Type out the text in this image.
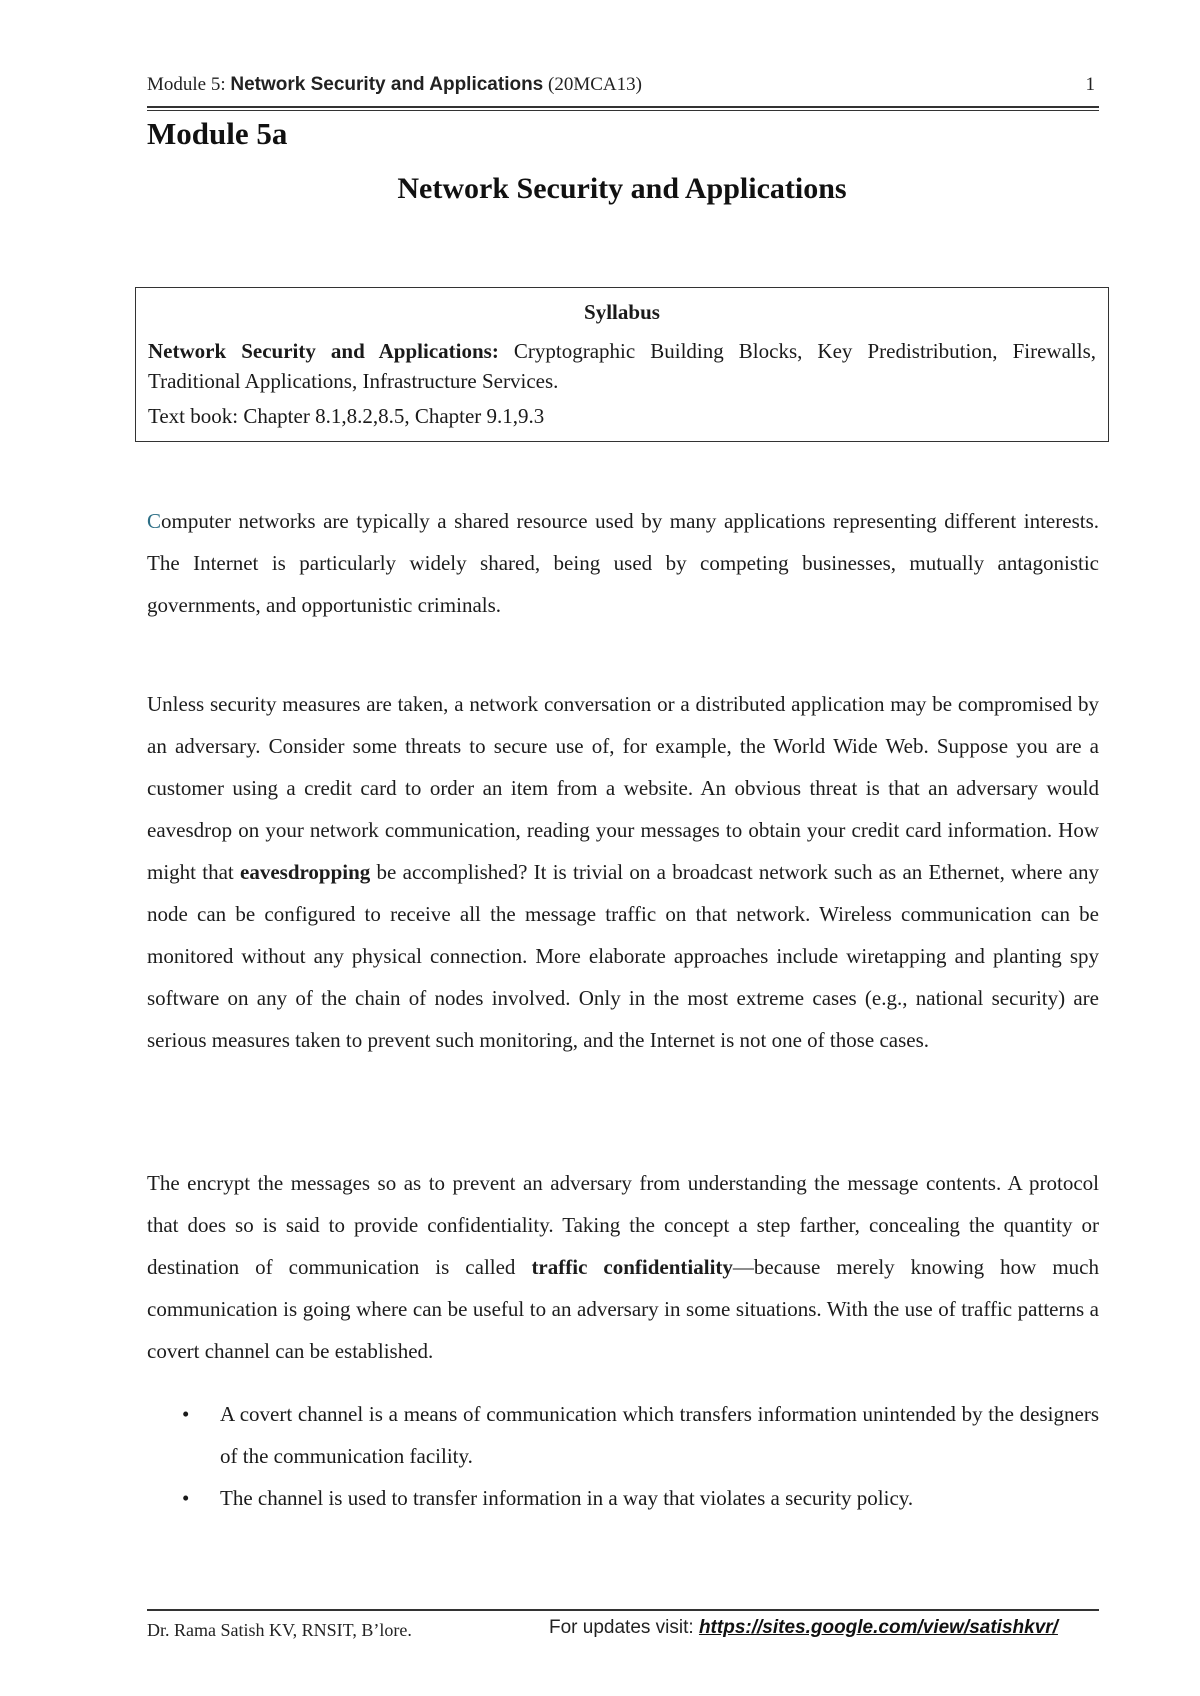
Module 5: Network Security and Applications (20MCA13)	1
Module 5a
Network Security and Applications
Syllabus
Network Security and Applications: Cryptographic Building Blocks, Key Predistribution, Firewalls, Traditional Applications, Infrastructure Services.
Text book: Chapter 8.1,8.2,8.5, Chapter 9.1,9.3
Computer networks are typically a shared resource used by many applications representing different interests. The Internet is particularly widely shared, being used by competing businesses, mutually antagonistic governments, and opportunistic criminals.
Unless security measures are taken, a network conversation or a distributed application may be compromised by an adversary. Consider some threats to secure use of, for example, the World Wide Web. Suppose you are a customer using a credit card to order an item from a website. An obvious threat is that an adversary would eavesdrop on your network communication, reading your messages to obtain your credit card information. How might that eavesdropping be accomplished? It is trivial on a broadcast network such as an Ethernet, where any node can be configured to receive all the message traffic on that network. Wireless communication can be monitored without any physical connection. More elaborate approaches include wiretapping and planting spy software on any of the chain of nodes involved. Only in the most extreme cases (e.g., national security) are serious measures taken to prevent such monitoring, and the Internet is not one of those cases.
The encrypt the messages so as to prevent an adversary from understanding the message contents. A protocol that does so is said to provide confidentiality. Taking the concept a step farther, concealing the quantity or destination of communication is called traffic confidentiality—because merely knowing how much communication is going where can be useful to an adversary in some situations. With the use of traffic patterns a covert channel can be established.
• A covert channel is a means of communication which transfers information unintended by the designers of the communication facility.
• The channel is used to transfer information in a way that violates a security policy.
Dr. Rama Satish KV, RNSIT, B’lore.	For updates visit: https://sites.google.com/view/satishkvr/
